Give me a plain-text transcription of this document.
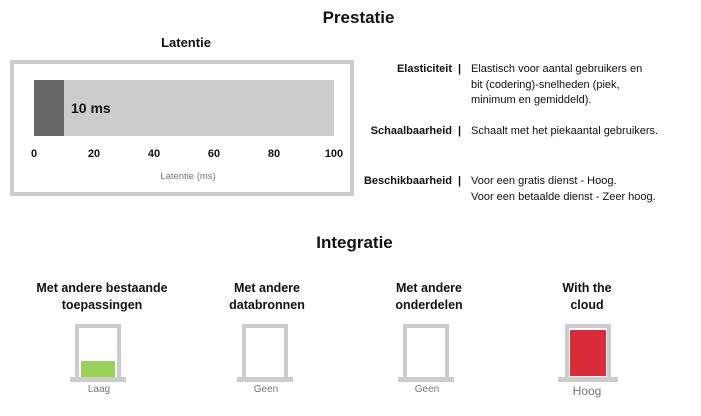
Prestatie
Latentie
10 ms
0	20	40	60	80	100
Latentie (ms)
Elasticiteit | Elastisch voor aantal gebruikers en
bit (codering)-snelheden (piek,
minimum en gemiddeld).
Schaalbaarheid | Schaalt met het piekaantal gebruikers.
Beschikbaarheid | Voor een gratis dienst - Hoog.
Voor een betaalde dienst - Zeer hoog.
Integratie
Met andere bestaande
toepassingen
Laag
Met andere
databronnen
Geen
Met andere
onderdelen
Geen
With the
cloud
Hoog
